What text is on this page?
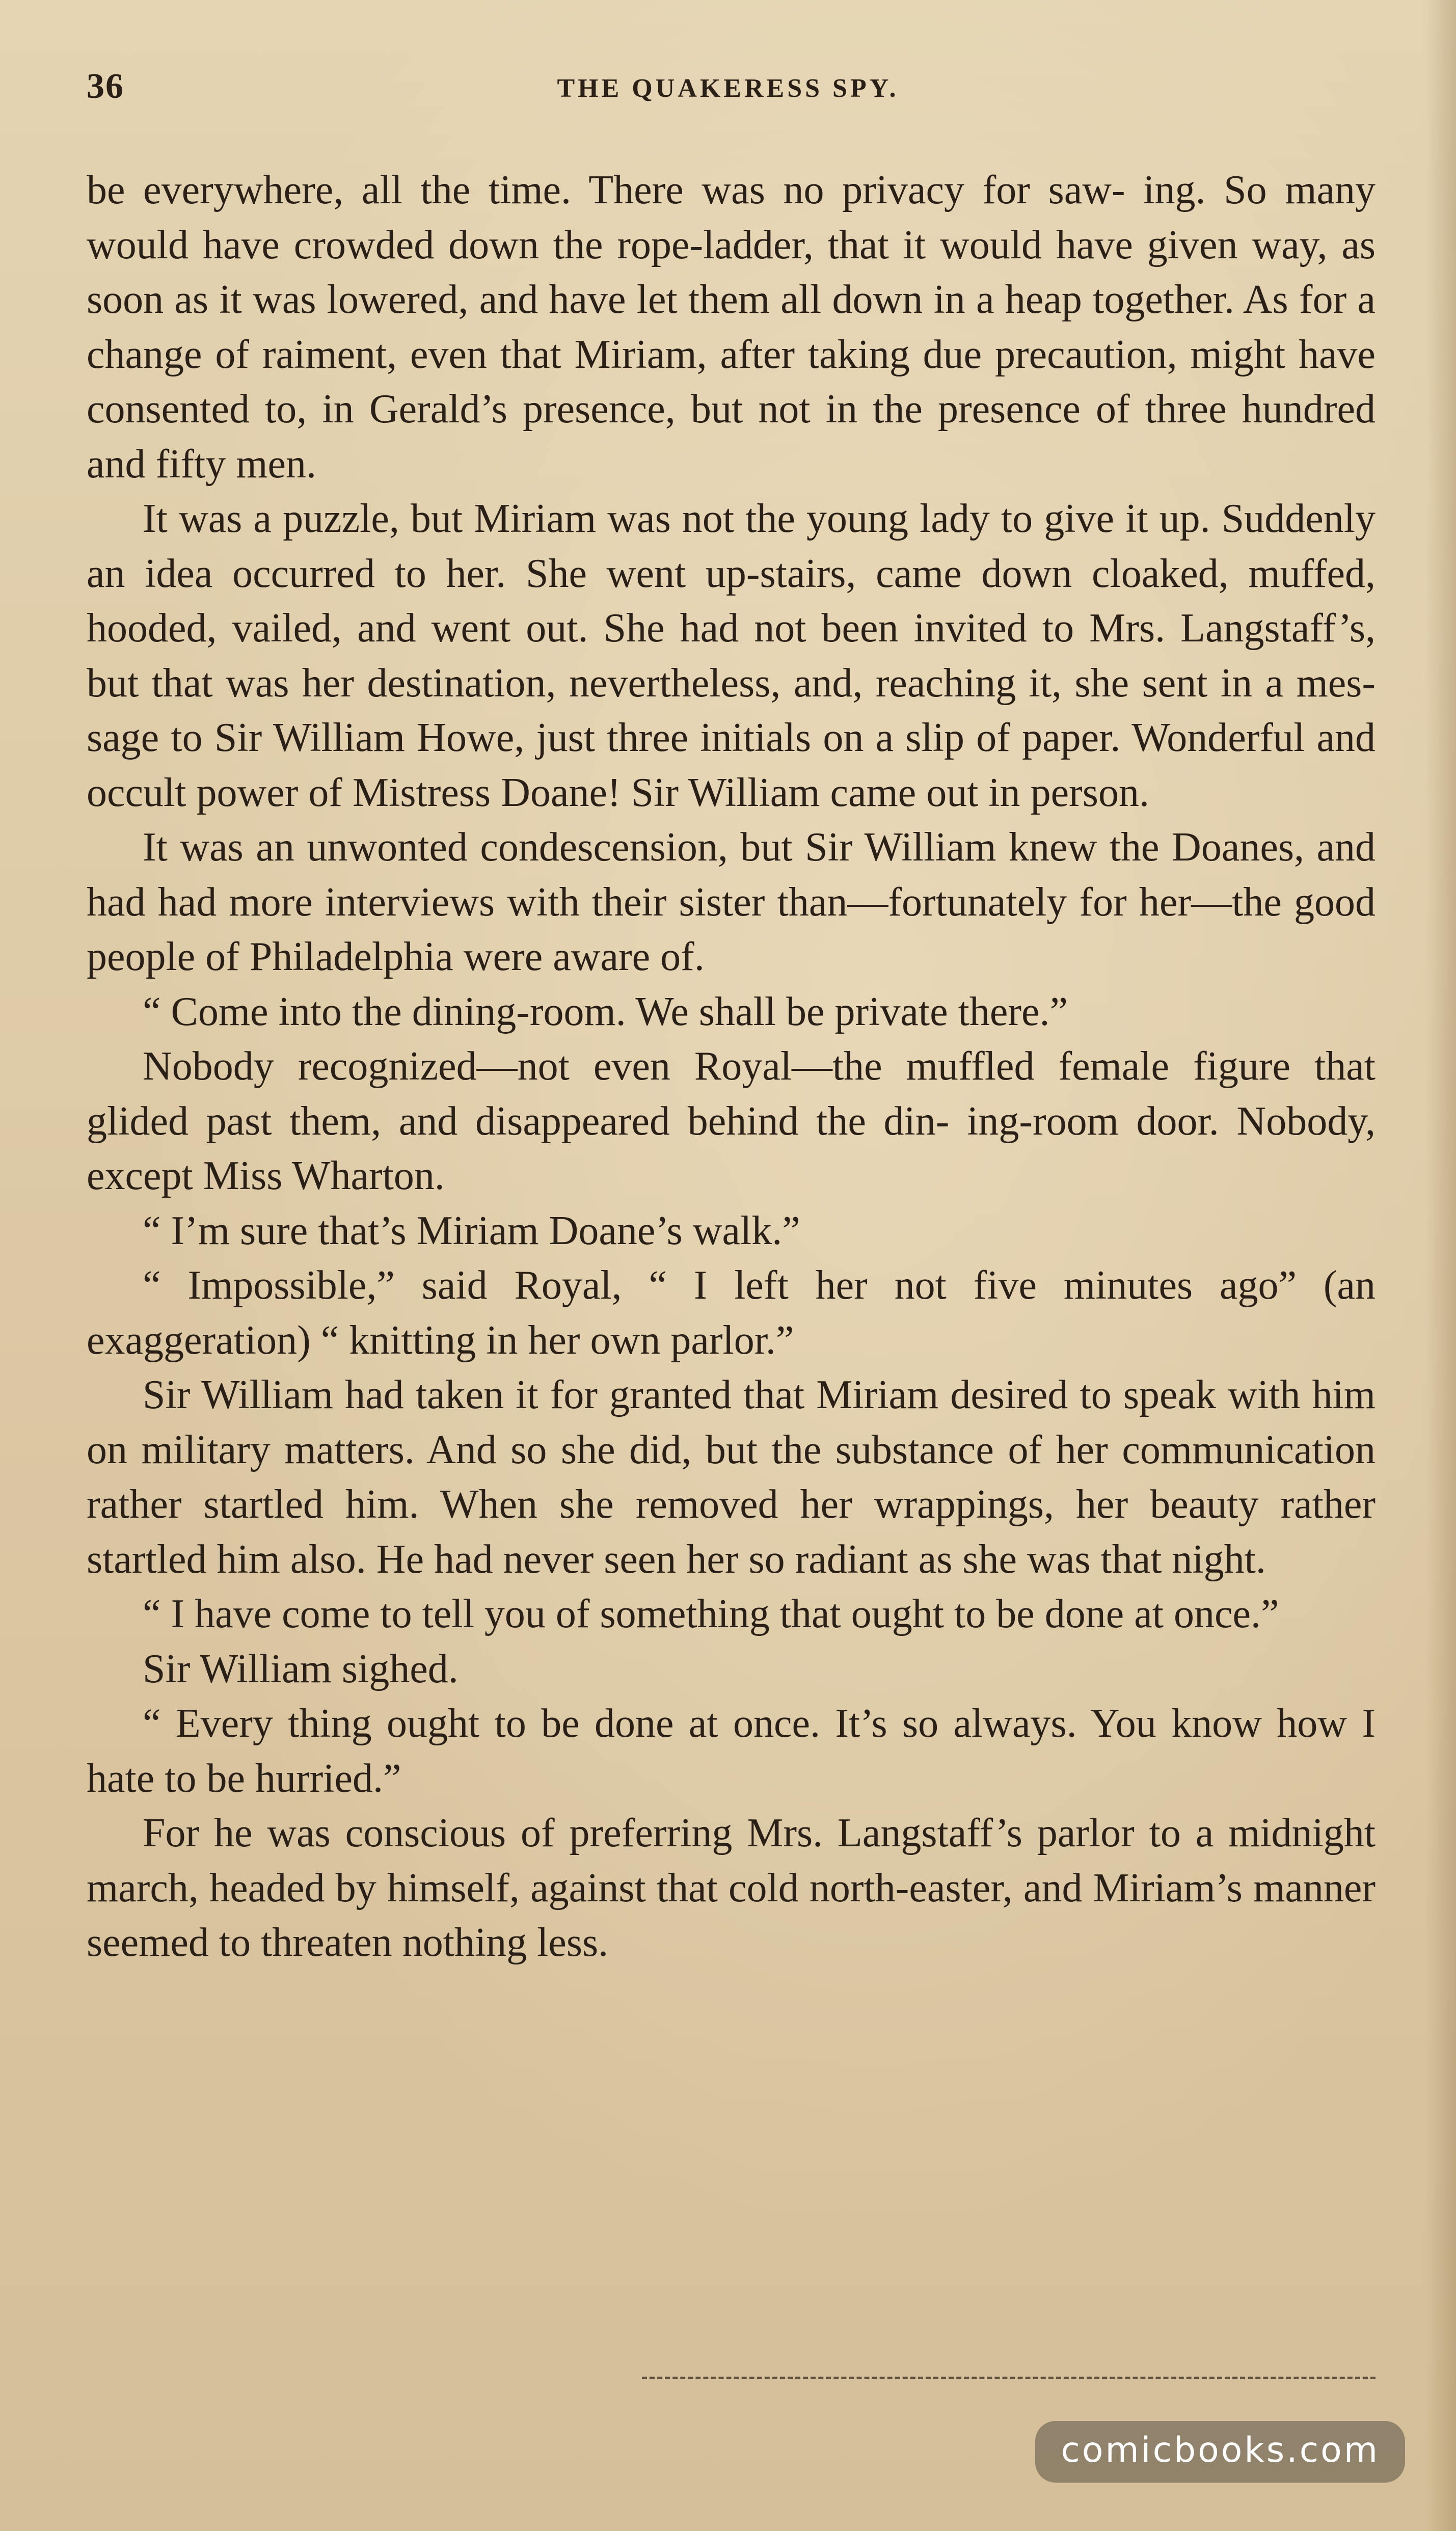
36	THE QUAKERESS SPY.

be everywhere, all the time. There was no privacy for saw- ing. So many would have crowded down the rope-ladder, that it would have given way, as soon as it was lowered, and have let them all down in a heap together. As for a change of raiment, even that Miriam, after taking due precaution, might have consented to, in Gerald’s presence, but not in the presence of three hundred and fifty men.

It was a puzzle, but Miriam was not the young lady to give it up. Suddenly an idea occurred to her. She went up-stairs, came down cloaked, muffed, hooded, vailed, and went out. She had not been invited to Mrs. Langstaff’s, but that was her destination, nevertheless, and, reaching it, she sent in a mes- sage to Sir William Howe, just three initials on a slip of paper. Wonderful and occult power of Mistress Doane! Sir William came out in person.

It was an unwonted condescension, but Sir William knew the Doanes, and had had more interviews with their sister than—fortunately for her—the good people of Philadelphia were aware of.

“ Come into the dining-room. We shall be private there.”

Nobody recognized—not even Royal—the muffled female figure that glided past them, and disappeared behind the din- ing-room door. Nobody, except Miss Wharton.

“ I’m sure that’s Miriam Doane’s walk.”

“ Impossible,” said Royal, “ I left her not five minutes ago” (an exaggeration) “ knitting in her own parlor.”

Sir William had taken it for granted that Miriam desired to speak with him on military matters. And so she did, but the substance of her communication rather startled him. When she removed her wrappings, her beauty rather startled him also. He had never seen her so radiant as she was that night.

“ I have come to tell you of something that ought to be done at once.”

Sir William sighed.

“ Every thing ought to be done at once. It’s so always. You know how I hate to be hurried.”

For he was conscious of preferring Mrs. Langstaff’s parlor to a midnight march, headed by himself, against that cold north-easter, and Miriam’s manner seemed to threaten nothing less.

comicbooks.com
